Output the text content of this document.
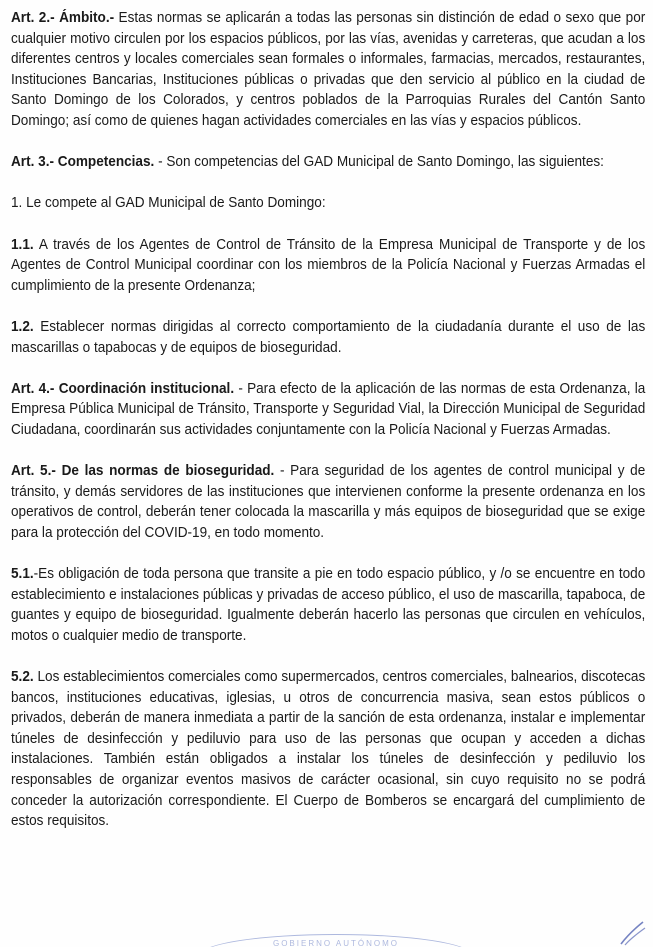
Art. 2.- Ámbito.- Estas normas se aplicarán a todas las personas sin distinción de edad o sexo que por cualquier motivo circulen por los espacios públicos, por las vías, avenidas y carreteras, que acudan a los diferentes centros y locales comerciales sean formales o informales, farmacias, mercados, restaurantes, Instituciones Bancarias, Instituciones públicas o privadas que den servicio al público en la ciudad de Santo Domingo de los Colorados, y centros poblados de la Parroquias Rurales del Cantón Santo Domingo; así como de quienes hagan actividades comerciales en las vías y espacios públicos.

Art. 3.- Competencias. - Son competencias del GAD Municipal de Santo Domingo, las siguientes:

1. Le compete al GAD Municipal de Santo Domingo:

1.1. A través de los Agentes de Control de Tránsito de la Empresa Municipal de Transporte y de los Agentes de Control Municipal coordinar con los miembros de la Policía Nacional y Fuerzas Armadas el cumplimiento de la presente Ordenanza;

1.2. Establecer normas dirigidas al correcto comportamiento de la ciudadanía durante el uso de las mascarillas o tapabocas y de equipos de bioseguridad.

Art. 4.- Coordinación institucional. - Para efecto de la aplicación de las normas de esta Ordenanza, la Empresa Pública Municipal de Tránsito, Transporte y Seguridad Vial, la Dirección Municipal de Seguridad Ciudadana, coordinarán sus actividades conjuntamente con la Policía Nacional y Fuerzas Armadas.

Art. 5.- De las normas de bioseguridad. - Para seguridad de los agentes de control municipal y de tránsito, y demás servidores de las instituciones que intervienen conforme la presente ordenanza en los operativos de control, deberán tener colocada la mascarilla y más equipos de bioseguridad que se exige para la protección del COVID-19, en todo momento.

5.1.-Es obligación de toda persona que transite a pie en todo espacio público, y /o se encuentre en todo establecimiento e instalaciones públicas y privadas de acceso público, el uso de mascarilla, tapaboca, de guantes y equipo de bioseguridad. Igualmente deberán hacerlo las personas que circulen en vehículos, motos o cualquier medio de transporte.

5.2. Los establecimientos comerciales como supermercados, centros comerciales, balnearios, discotecas bancos, instituciones educativas, iglesias, u otros de concurrencia masiva, sean estos públicos o privados, deberán de manera inmediata a partir de la sanción de esta ordenanza, instalar e implementar túneles de desinfección y pediluvio para uso de las personas que ocupan y acceden a dichas instalaciones. También están obligados a instalar los túneles de desinfección y pediluvio los responsables de organizar eventos masivos de carácter ocasional, sin cuyo requisito no se podrá conceder la autorización correspondiente. El Cuerpo de Bomberos se encargará del cumplimiento de estos requisitos.

GOBIERNO AUTÓNOMO
